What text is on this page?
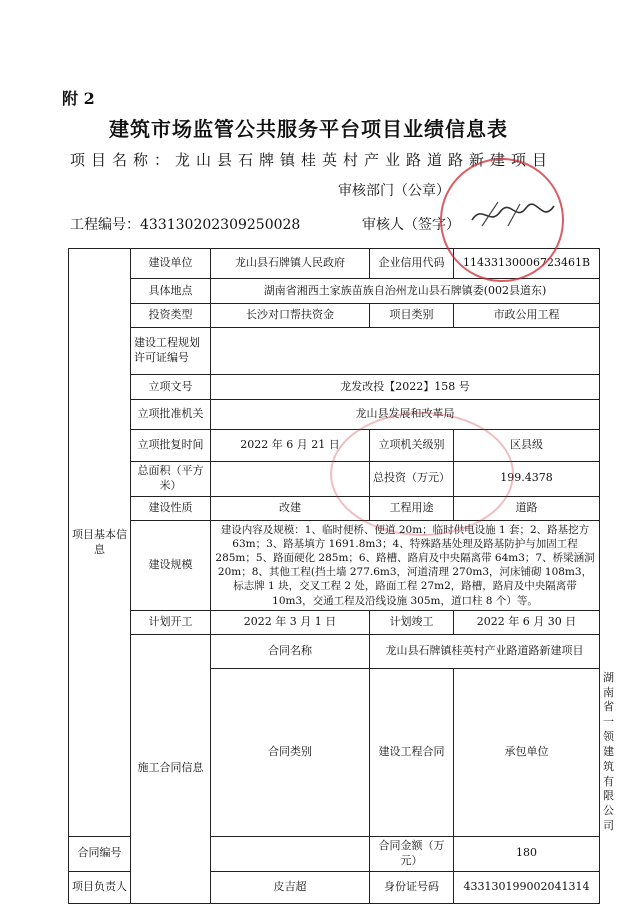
附 2
建筑市场监管公共服务平台项目业绩信息表
项目名称：龙山县石牌镇桂英村产业路道路新建项目
审核部门（公章）
工程编号：433130202309250028	审核人（签字）
项目基本信息	建设单位	龙山县石牌镇人民政府	企业信用代码	11433130006723461B	
	具体地点	湖南省湘西土家族苗族自治州龙山县石牌镇委(002县道东)			
	投资类型	长沙对口帮扶资金	项目类别	市政公用工程	
	建设工程规划许可证编号				
	立项文号	龙发改投【2022】158 号			
	立项批准机关	龙山县发展和改革局			
	立项批复时间	2022 年 6 月 21 日	立项机关级别	区县级	
	总面积（平方米）		总投资（万元）	199.4378	
	建设性质	改建	工程用途	道路	
	建设规模	建设内容及规模：1、临时便桥、便道 20m；临时供电设施 1 套；2、路基挖方 63m；3、路基填方 1691.8m3；4、特殊路基处理及路基防护与加固工程 285m；5、路面硬化 285m；6、路槽、路肩及中央隔离带 64m3；7、桥梁涵洞 20m；8、其他工程(挡土墙 277.6m3，河道清理 270m3，河床铺砌 108m3，标志牌 1 块，交叉工程 2 处，路面工程 27m2，路槽，路肩及中央隔离带 10m3，交通工程及沿线设施 305m，道口柱 8 个）等。			
	计划开工	2022 年 3 月 1 日	计划竣工	2022 年 6 月 30 日	
	施工合同信息	合同名称	龙山县石牌镇桂英村产业路道路新建项目		
		合同类别	建设工程合同	承包单位	湖南省一领建筑有限公司
合同编号			合同金额（万元）	180	
项目负责人		皮吉超	身份证号码	433130199002041314	
